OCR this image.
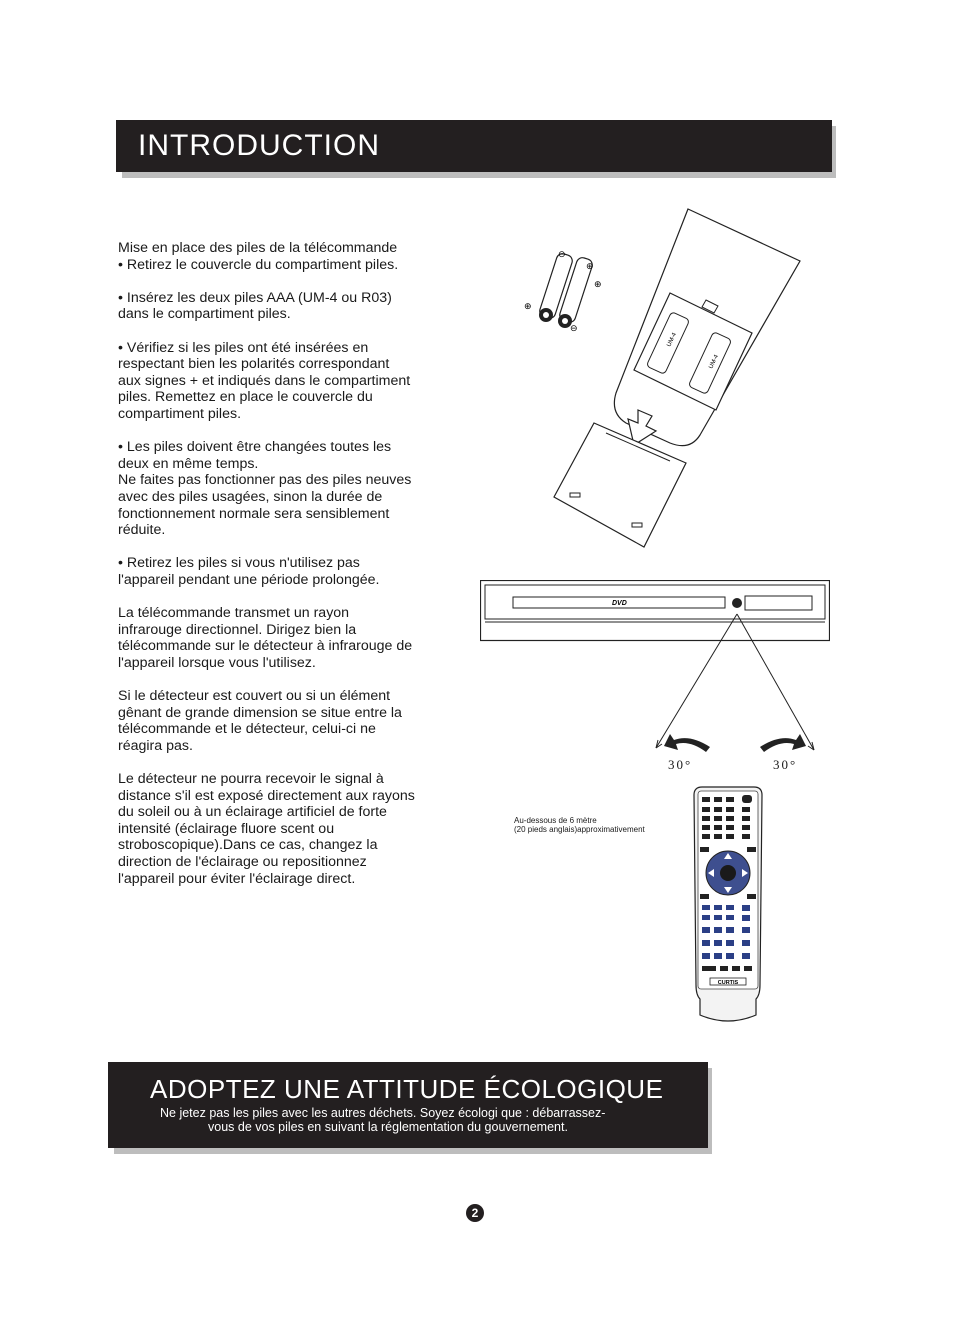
INTRODUCTION

Mise en place des piles de la télécommande
• Retirez le couvercle du compartiment piles.

• Insérez les deux piles AAA (UM-4 ou R03)
dans le compartiment piles.

• Vérifiez si les piles ont été insérées en
respectant bien les polarités correspondant
aux signes + et indiqués dans le compartiment
piles. Remettez en place le couvercle du
compartiment piles.

• Les piles doivent être changées toutes les
deux en même temps.
Ne faites pas fonctionner pas des piles neuves
avec des piles usagées, sinon la durée de
fonctionnement normale sera sensiblement
réduite.

• Retirez les piles si vous n'utilisez pas
l'appareil pendant une période prolongée.

La télécommande transmet un rayon
infrarouge directionnel. Dirigez bien la
télécommande sur le détecteur à infrarouge de
l'appareil lorsque vous l'utilisez.

Si le détecteur est couvert ou si un élément
gênant de grande dimension se situe entre la
télécommande et le détecteur, celui-ci ne
réagira pas.

Le détecteur ne pourra recevoir le signal à
distance s'il est exposé directement aux rayons
du soleil ou à un éclairage artificiel de forte
intensité (éclairage fluore scent ou
stroboscopique).Dans ce cas, changez la
direction de l'éclairage ou repositionnez
l'appareil pour éviter l'éclairage direct.

UM-4
UM-4
⊖
⊕
⊕
⊕
⊖
DVD
30°	30°
Au-dessous de 6 mètre
(20 pieds anglais)approximativement
CURTIS
ADOPTEZ UNE ATTITUDE ÉCOLOGIQUE
Ne jetez pas les piles avec les autres déchets. Soyez écologi que : débarrassez-
vous de vos piles en suivant la réglementation du gouvernement.
2
